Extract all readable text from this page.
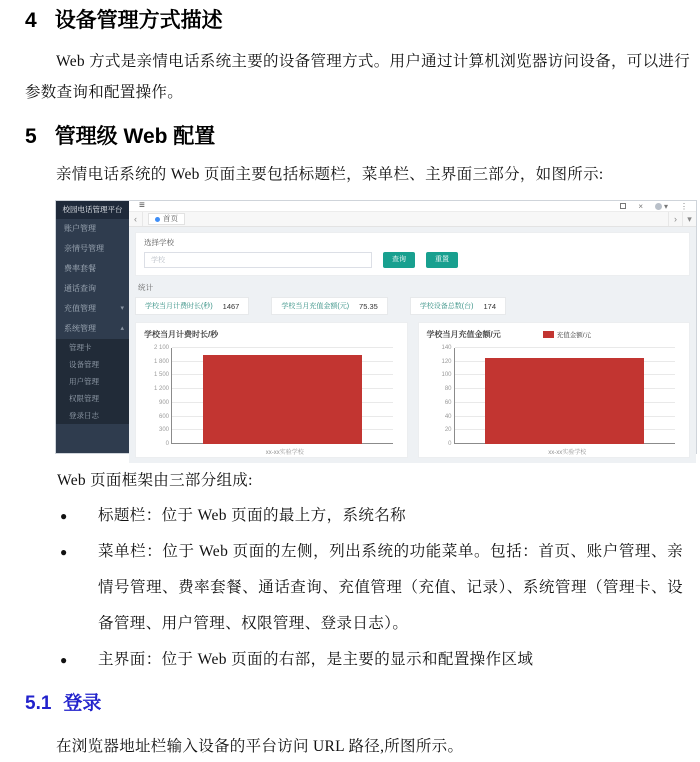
4 设备管理方式描述

Web 方式是亲情电话系统主要的设备管理方式。用户通过计算机浏览器访问设备，可以进行参数查询和配置操作。

5 管理级 Web 配置

亲情电话系统的 Web 页面主要包括标题栏，菜单栏、主界面三部分，如图所示:

校园电话管理平台
账户管理
亲情号管理
费率套餐
通话查询
充值管理	▾
系统管理	▴
管理卡
设备管理
用户管理
权限管理
登录日志
≡	×	▾ ⋮
‹	首页	›	▾
选择学校
学校
查询	重置
统计
学校当月计费时长(秒) 1467	学校当月充值金额(元) 75.35	学校设备总数(台) 174
学校当月计费时长/秒
0
300
600
900
1 200
1 500
1 800
2 100
xx-xx实验学校
学校当月充值金额/元	充值金额/元
0
20
40
60
80
100
120
140
xx-xx实验学校

Web 页面框架由三部分组成:

●	标题栏：位于 Web 页面的最上方，系统名称
●	菜单栏：位于 Web 页面的左侧，列出系统的功能菜单。包括：首页、账户管理、亲情号管理、费率套餐、通话查询、充值管理（充值、记录）、系统管理（管理卡、设备管理、用户管理、权限管理、登录日志）。
●	主界面：位于 Web 页面的右部，是主要的显示和配置操作区域
5.1 登录

在浏览器地址栏输入设备的平台访问 URL 路径,所图所示。
